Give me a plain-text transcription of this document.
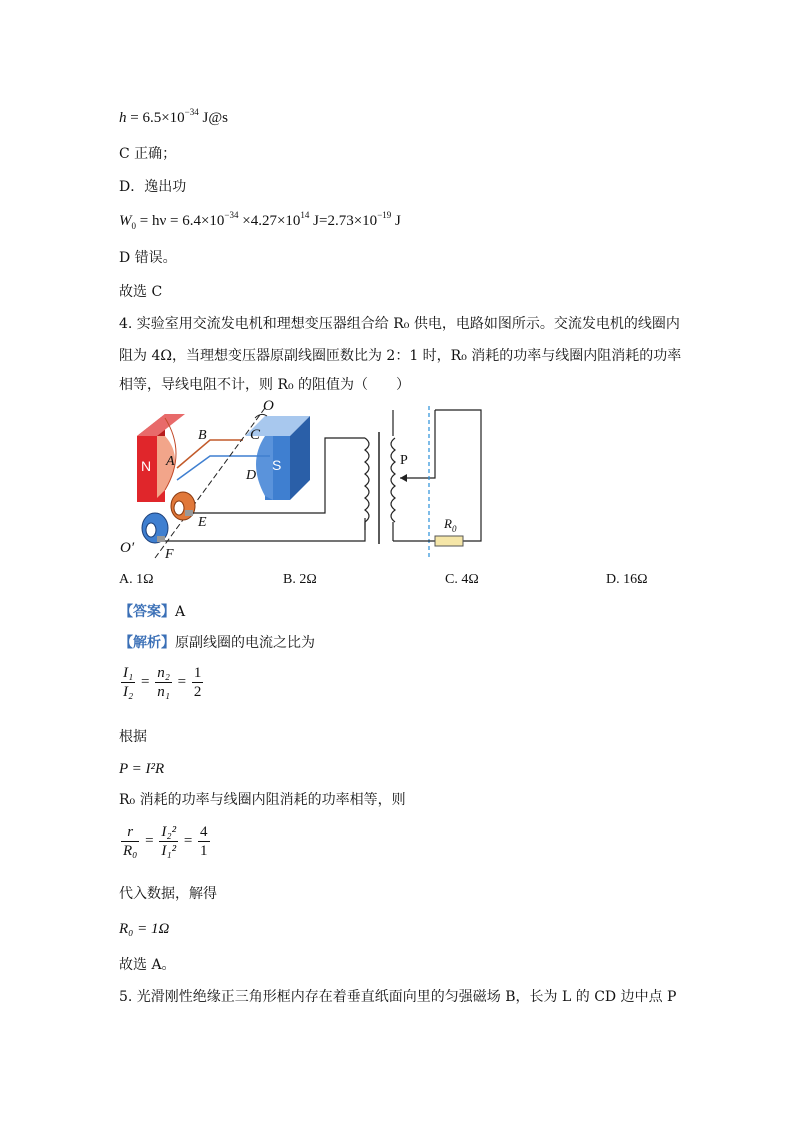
$h = 6.5\times 10^{-34}$ J@s
C 正确；
D．逸出功
$W_0 = h\nu = 6.4\times 10^{-34} \times 4.27\times 10^{14}$ $J=2.73\times 10^{-19}$ J
D 错误。
故选 C
4. 实验室用交流发电机和理想变压器组合给 R₀ 供电，电路如图所示。交流发电机的线圈内
阻为 4Ω，当理想变压器原副线圈匝数比为 2：1 时，R₀ 消耗的功率与线圈内阻消耗的功率
相等，导线电阻不计，则 R₀ 的阻值为（　　）
O
B	C
N A	S
D
P
E	$R_0$
O′ F
A. 1Ω	B. 2Ω	C. 4Ω	D. 16Ω
【答案】A
【解析】原副线圈的电流之比为
$\frac{\text{I₁}}{\text{I₂}} = \frac{\text{n₂}}{\text{n₁}} = \frac{1}{2}$
根据
P = I²R
R₀ 消耗的功率与线圈内阻消耗的功率相等，则
$\frac{r}{\text{R₀}} = \frac{\text{I₂²}}{\text{I₁²}} = \frac{4}{1}$
代入数据，解得
R₀ = 1Ω
故选 A。
5. 光滑刚性绝缘正三角形框内存在着垂直纸面向里的匀强磁场 B，长为 L 的 CD 边中点 P
